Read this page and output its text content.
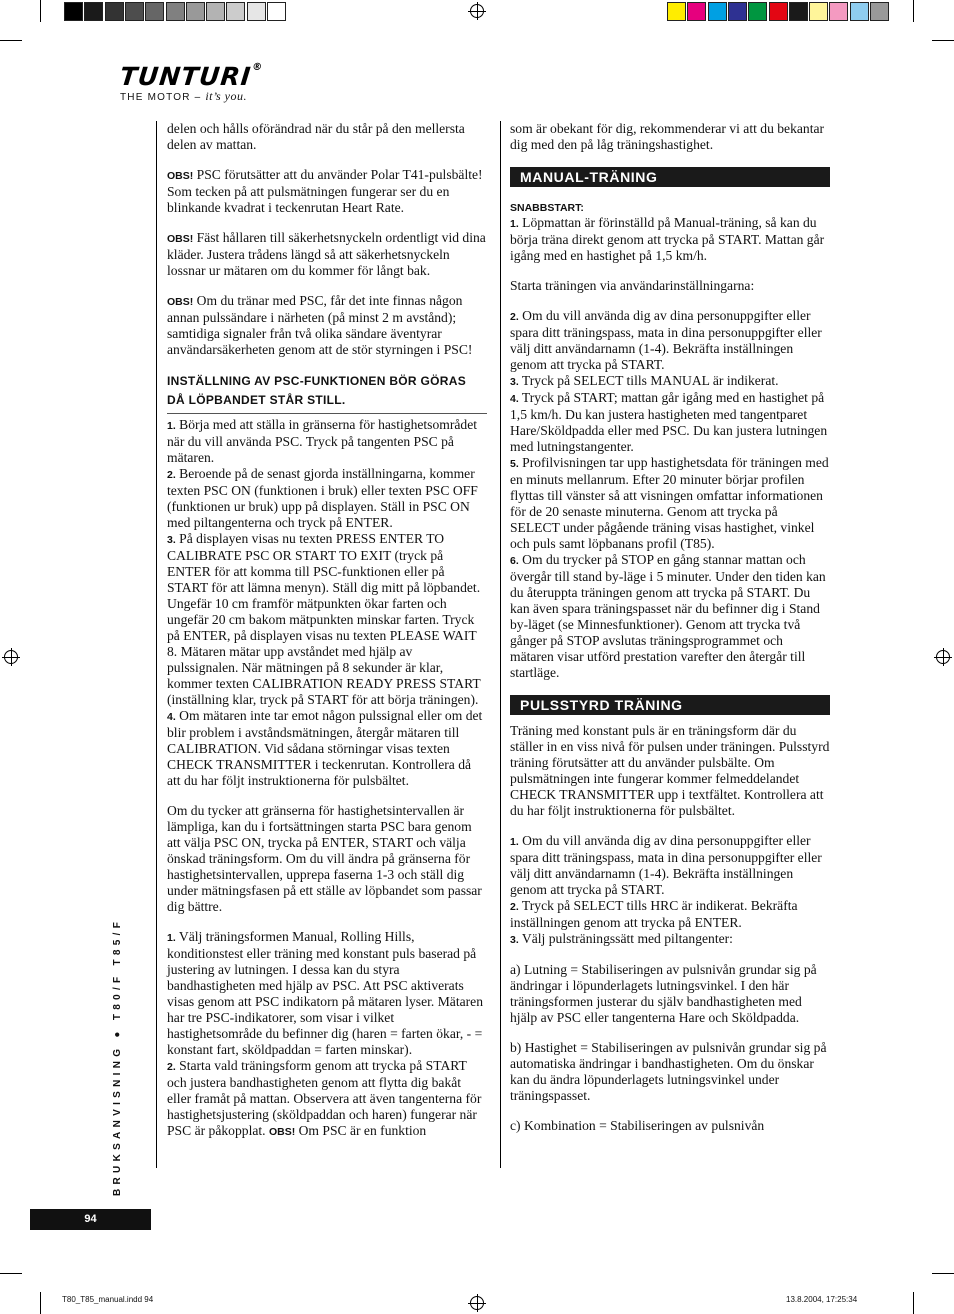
TUNTURI®
THE MOTOR – it’s you.

delen och hålls oförändrad när du står på den mellersta delen av mattan.

OBS! PSC förutsätter att du använder Polar T41-pulsbälte! Som tecken på att pulsmätningen fungerar ser du en blinkande kvadrat i teckenrutan Heart Rate.

OBS! Fäst hållaren till säkerhetsnyckeln ordentligt vid dina kläder. Justera trådens längd så att säkerhetsnyckeln lossnar ur mätaren om du kommer för långt bak.

OBS! Om du tränar med PSC, får det inte finnas någon annan pulssändare i närheten (på minst 2 m avstånd); samtidiga signaler från två olika sändare äventyrar användarsäkerheten genom att de stör styrningen i PSC!

INSTÄLLNING AV PSC-FUNKTIONEN BÖR GÖRAS DÅ LÖPBANDET STÅR STILL.

1. Börja med att ställa in gränserna för hastighetsområdet när du vill använda PSC. Tryck på tangenten PSC på mätaren.

2. Beroende på de senast gjorda inställningarna, kommer texten PSC ON (funktionen i bruk) eller texten PSC OFF (funktionen ur bruk) upp på displayen. Ställ in PSC ON med piltangenterna och tryck på ENTER.

3. På displayen visas nu texten PRESS ENTER TO CALIBRATE PSC OR START TO EXIT (tryck på ENTER för att komma till PSC-funktionen eller på START för att lämna menyn). Ställ dig mitt på löpbandet. Ungefär 10 cm framför mätpunkten ökar farten och ungefär 20 cm bakom mätpunkten minskar farten. Tryck på ENTER, på displayen visas nu texten PLEASE WAIT 8. Mätaren mätar upp avståndet med hjälp av pulssignalen. När mätningen på 8 sekunder är klar, kommer texten CALIBRATION READY PRESS START (inställning klar, tryck på START för att börja träningen).

4. Om mätaren inte tar emot någon pulssignal eller om det blir problem i avståndsmätningen, återgår mätaren till CALIBRATION. Vid sådana störningar visas texten CHECK TRANSMITTER i teckenrutan. Kontrollera då att du har följt instruktionerna för pulsbältet.

Om du tycker att gränserna för hastighetsintervallen är lämpliga, kan du i fortsättningen starta PSC bara genom att välja PSC ON, trycka på ENTER, START och välja önskad träningsform. Om du vill ändra på gränserna för hastighetsintervallen, upprepa faserna 1-3 och ställ dig under mätningsfasen på ett ställe av löpbandet som passar dig bättre.

1. Välj träningsformen Manual, Rolling Hills, konditionstest eller träning med konstant puls baserad på justering av lutningen. I dessa kan du styra bandhastigheten med hjälp av PSC. Att PSC aktiverats visas genom att PSC indikatorn på mätaren lyser. Mätaren har tre PSC-indikatorer, som visar i vilket hastighetsområde du befinner dig (haren = farten ökar, - = konstant fart, sköldpaddan = farten minskar).

2. Starta vald träningsform genom att trycka på START och justera bandhastigheten genom att flytta dig bakåt eller framåt på mattan. Observera att även tangenterna för hastighetsjustering (sköldpaddan och haren) fungerar när PSC är påkopplat. OBS! Om PSC är en funktion

som är obekant för dig, rekommenderar vi att du bekantar dig med den på låg träningshastighet.

MANUAL-TRÄNING

SNABBSTART:

1. Löpmattan är förinställd på Manual-träning, så kan du börja träna direkt genom att trycka på START. Mattan går igång med en hastighet på 1,5 km/h.

Starta träningen via användarinställningarna:

2. Om du vill använda dig av dina personuppgifter eller spara ditt träningspass, mata in dina personuppgifter eller välj ditt användarnamn (1-4). Bekräfta inställningen genom att trycka på START.

3. Tryck på SELECT tills MANUAL är indikerat.

4. Tryck på START; mattan går igång med en hastighet på 1,5 km/h. Du kan justera hastigheten med tangentparet Hare/Sköldpadda eller med PSC. Du kan justera lutningen med lutningstangenter.

5. Profilvisningen tar upp hastighetsdata för träningen med en minuts mellanrum. Efter 20 minuter börjar profilen flyttas till vänster så att visningen omfattar informationen för de 20 senaste minuterna. Genom att trycka på SELECT under pågående träning visas hastighet, vinkel och puls samt löpbanans profil (T85).

6. Om du trycker på STOP en gång stannar mattan och övergår till stand by-läge i 5 minuter. Under den tiden kan du återuppta träningen genom att trycka på START. Du kan även spara träningspasset när du befinner dig i Stand by-läget (se Minnesfunktioner). Genom att trycka två gånger på STOP avslutas träningsprogrammet och mätaren visar utförd prestation varefter den återgår till startläge.

PULSSTYRD TRÄNING

Träning med konstant puls är en träningsform där du ställer in en viss nivå för pulsen under träningen. Pulsstyrd träning förutsätter att du använder pulsbälte. Om pulsmätningen inte fungerar kommer felmeddelandet CHECK TRANSMITTER upp i textfältet. Kontrollera att du har följt instruktionerna för pulsbältet.

1. Om du vill använda dig av dina personuppgifter eller spara ditt träningspass, mata in dina personuppgifter eller välj ditt användarnamn (1-4). Bekräfta inställningen genom att trycka på START.

2. Tryck på SELECT tills HRC är indikerat. Bekräfta inställningen genom att trycka på ENTER.

3. Välj pulsträningssätt med piltangenter:

a) Lutning = Stabiliseringen av pulsnivån grundar sig på ändringar i löpunderlagets lutningsvinkel. I den här träningsformen justerar du själv bandhastigheten med hjälp av PSC eller tangenterna Hare och Sköldpadda.

b) Hastighet = Stabiliseringen av pulsnivån grundar sig på automatiska ändringar i bandhastigheten. Om du önskar kan du ändra löpunderlagets lutningsvinkel under träningspasset.

c) Kombination = Stabiliseringen av pulsnivån

BRUKSANVISNING ● T80/F T85/F
94
T80_T85_manual.indd 94	13.8.2004, 17:25:34
